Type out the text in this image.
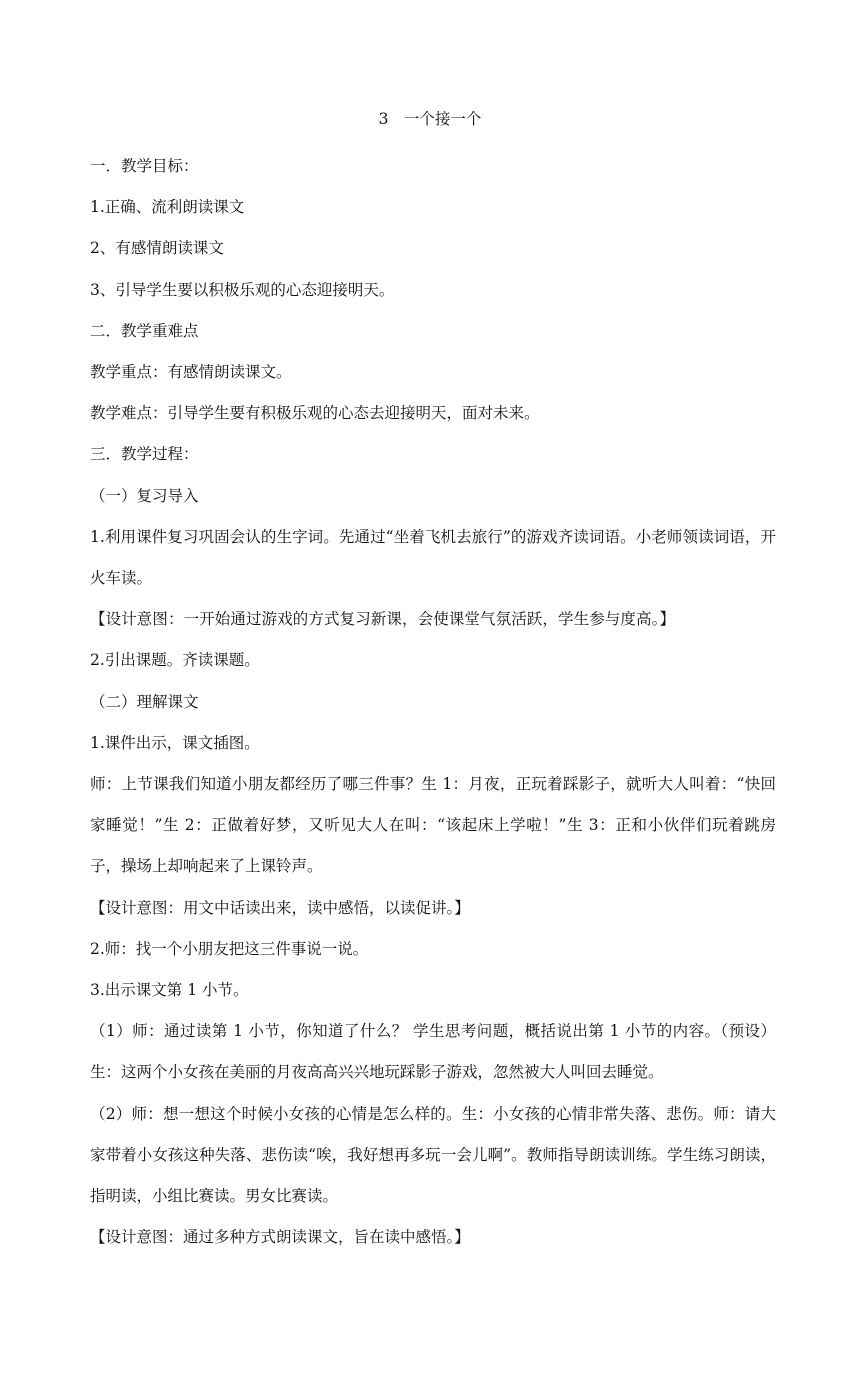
3　一个接一个

一．教学目标：

1.正确、流利朗读课文

2、有感情朗读课文

3、引导学生要以积极乐观的心态迎接明天。

二．教学重难点

教学重点：有感情朗读课文。

教学难点：引导学生要有积极乐观的心态去迎接明天，面对未来。

三．教学过程：

（一）复习导入

1.利用课件复习巩固会认的生字词。先通过“坐着飞机去旅行”的游戏齐读词语。小老师领读词语，开火车读。

【设计意图：一开始通过游戏的方式复习新课，会使课堂气氛活跃，学生参与度高。】

2.引出课题。齐读课题。

（二）理解课文

1.课件出示，课文插图。

师：上节课我们知道小朋友都经历了哪三件事？生 1：月夜，正玩着踩影子，就听大人叫着：“快回家睡觉！”生 2：正做着好梦，又听见大人在叫：“该起床上学啦！”生 3：正和小伙伴们玩着跳房子，操场上却响起来了上课铃声。

【设计意图：用文中话读出来，读中感悟，以读促讲。】

2.师：找一个小朋友把这三件事说一说。

3.出示课文第 1 小节。

（1）师：通过读第 1 小节，你知道了什么？ 学生思考问题，概括说出第 1 小节的内容。（预设）生：这两个小女孩在美丽的月夜高高兴兴地玩踩影子游戏，忽然被大人叫回去睡觉。

（2）师：想一想这个时候小女孩的心情是怎么样的。生：小女孩的心情非常失落、悲伤。师：请大家带着小女孩这种失落、悲伤读“唉，我好想再多玩一会儿啊”。教师指导朗读训练。学生练习朗读，指明读，小组比赛读。男女比赛读。

【设计意图：通过多种方式朗读课文，旨在读中感悟。】
